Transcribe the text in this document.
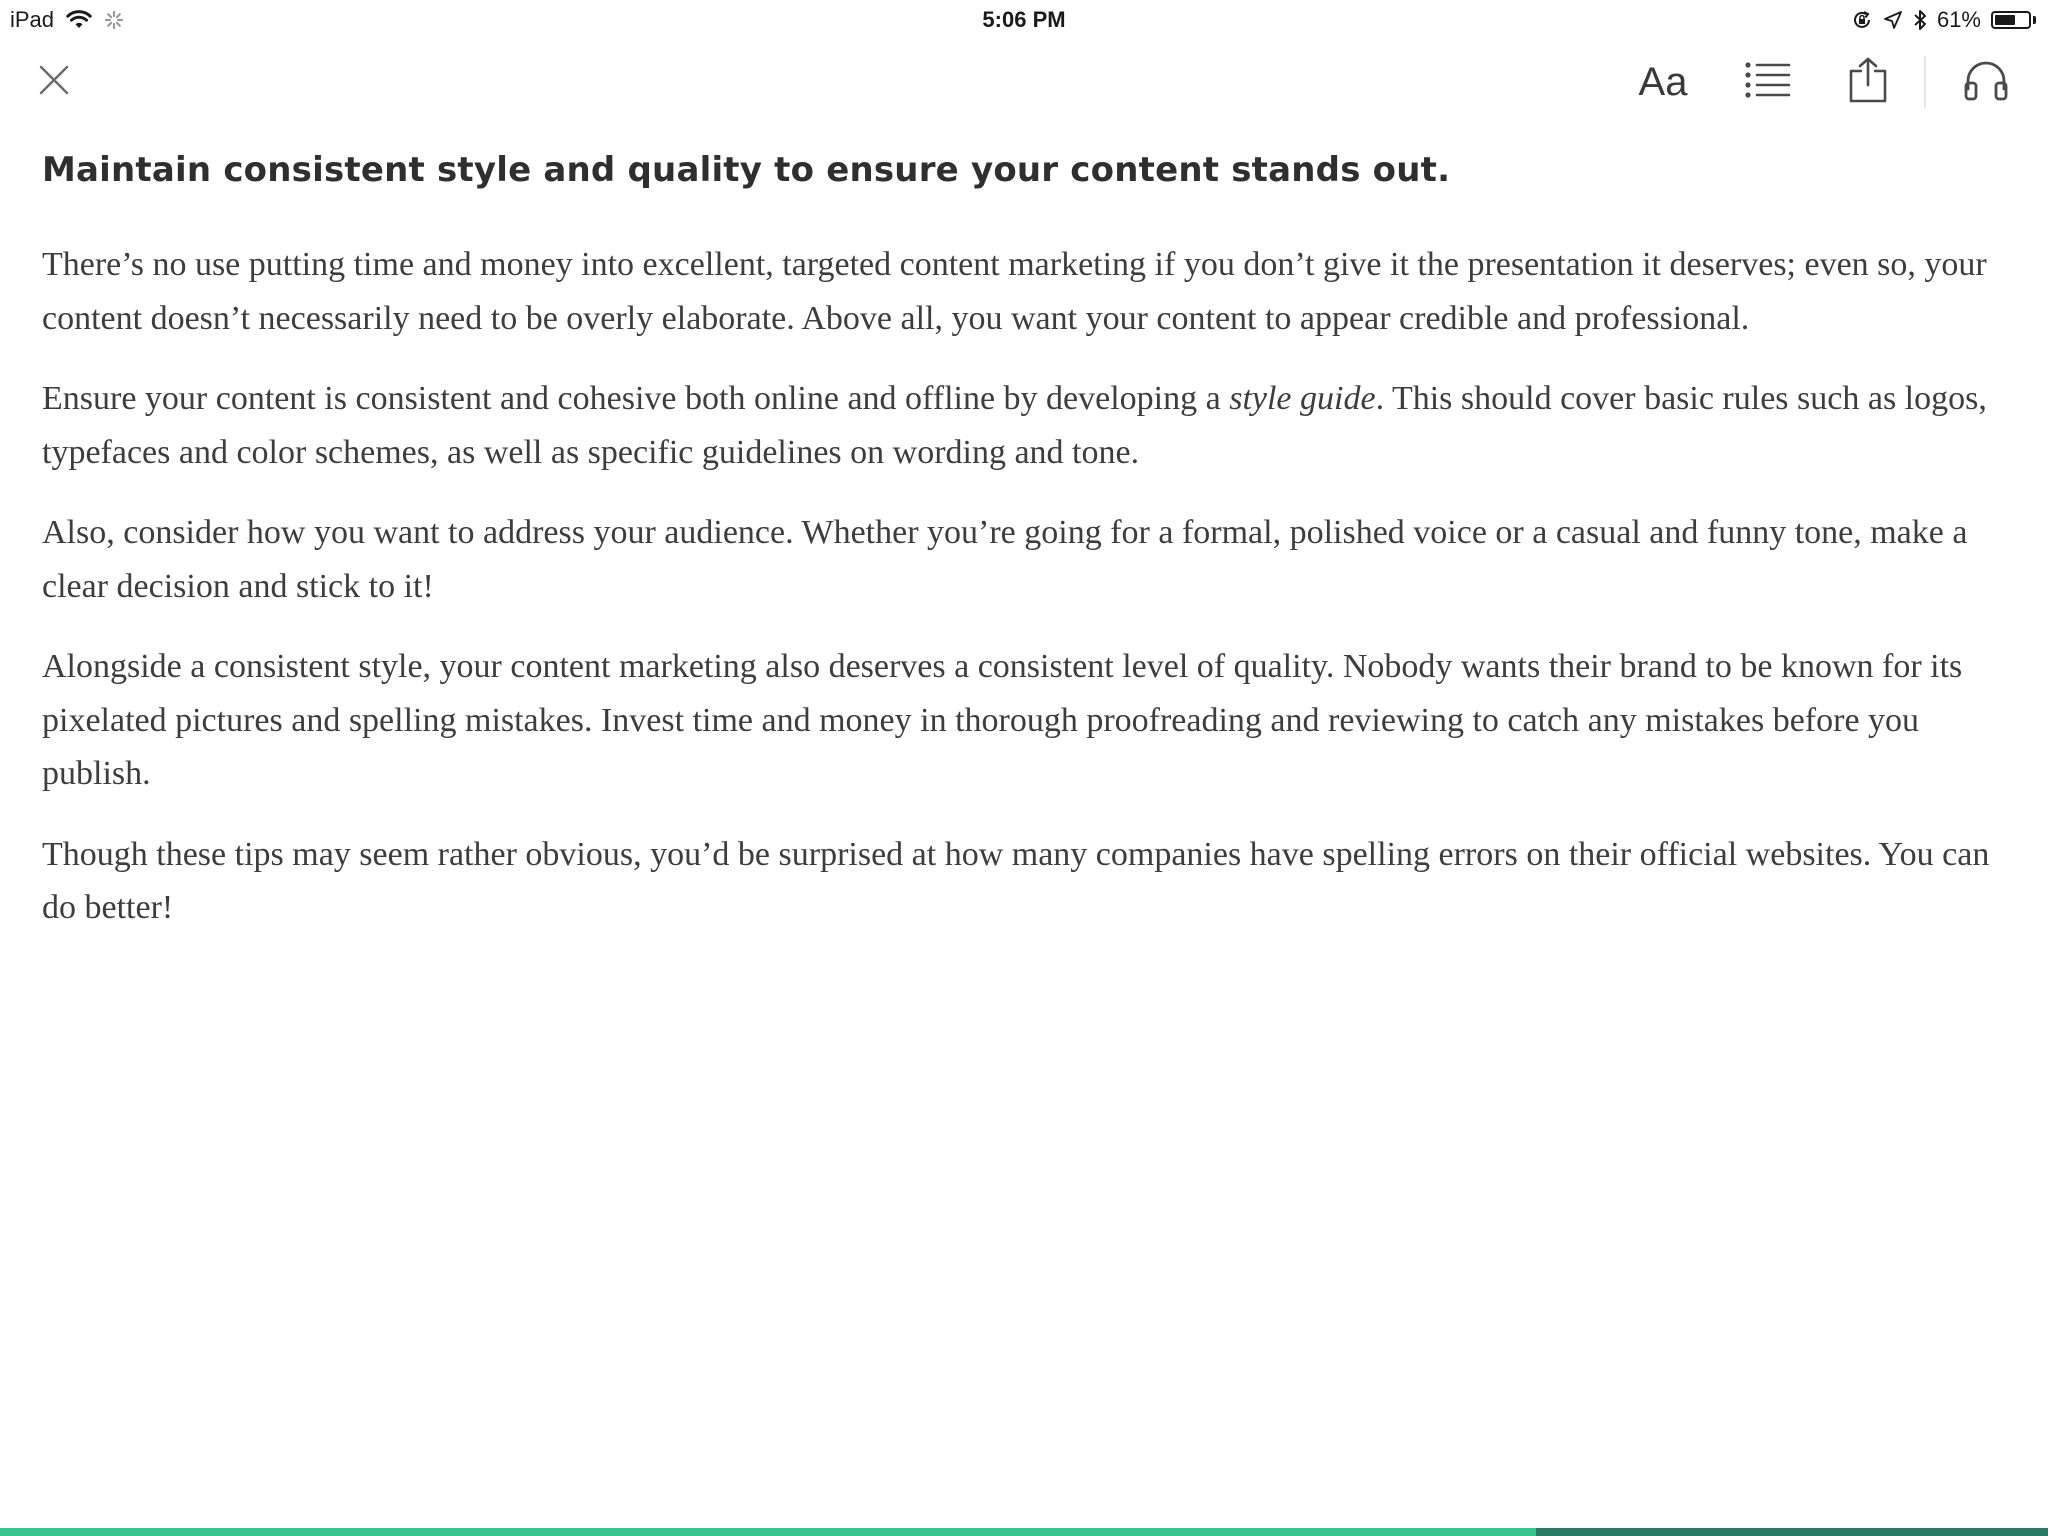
iPad	5:06 PM	61%
Aa
Maintain consistent style and quality to ensure your content stands out.

There’s no use putting time and money into excellent, targeted content marketing if you don’t give it the presentation it deserves; even so, your content doesn’t necessarily need to be overly elaborate. Above all, you want your content to appear credible and professional.

Ensure your content is consistent and cohesive both online and offline by developing a style guide. This should cover basic rules such as logos, typefaces and color schemes, as well as specific guidelines on wording and tone.

Also, consider how you want to address your audience. Whether you’re going for a formal, polished voice or a casual and funny tone, make a clear decision and stick to it!

Alongside a consistent style, your content marketing also deserves a consistent level of quality. Nobody wants their brand to be known for its pixelated pictures and spelling mistakes. Invest time and money in thorough proofreading and reviewing to catch any mistakes before you publish.

Though these tips may seem rather obvious, you’d be surprised at how many companies have spelling errors on their official websites. You can do better!
